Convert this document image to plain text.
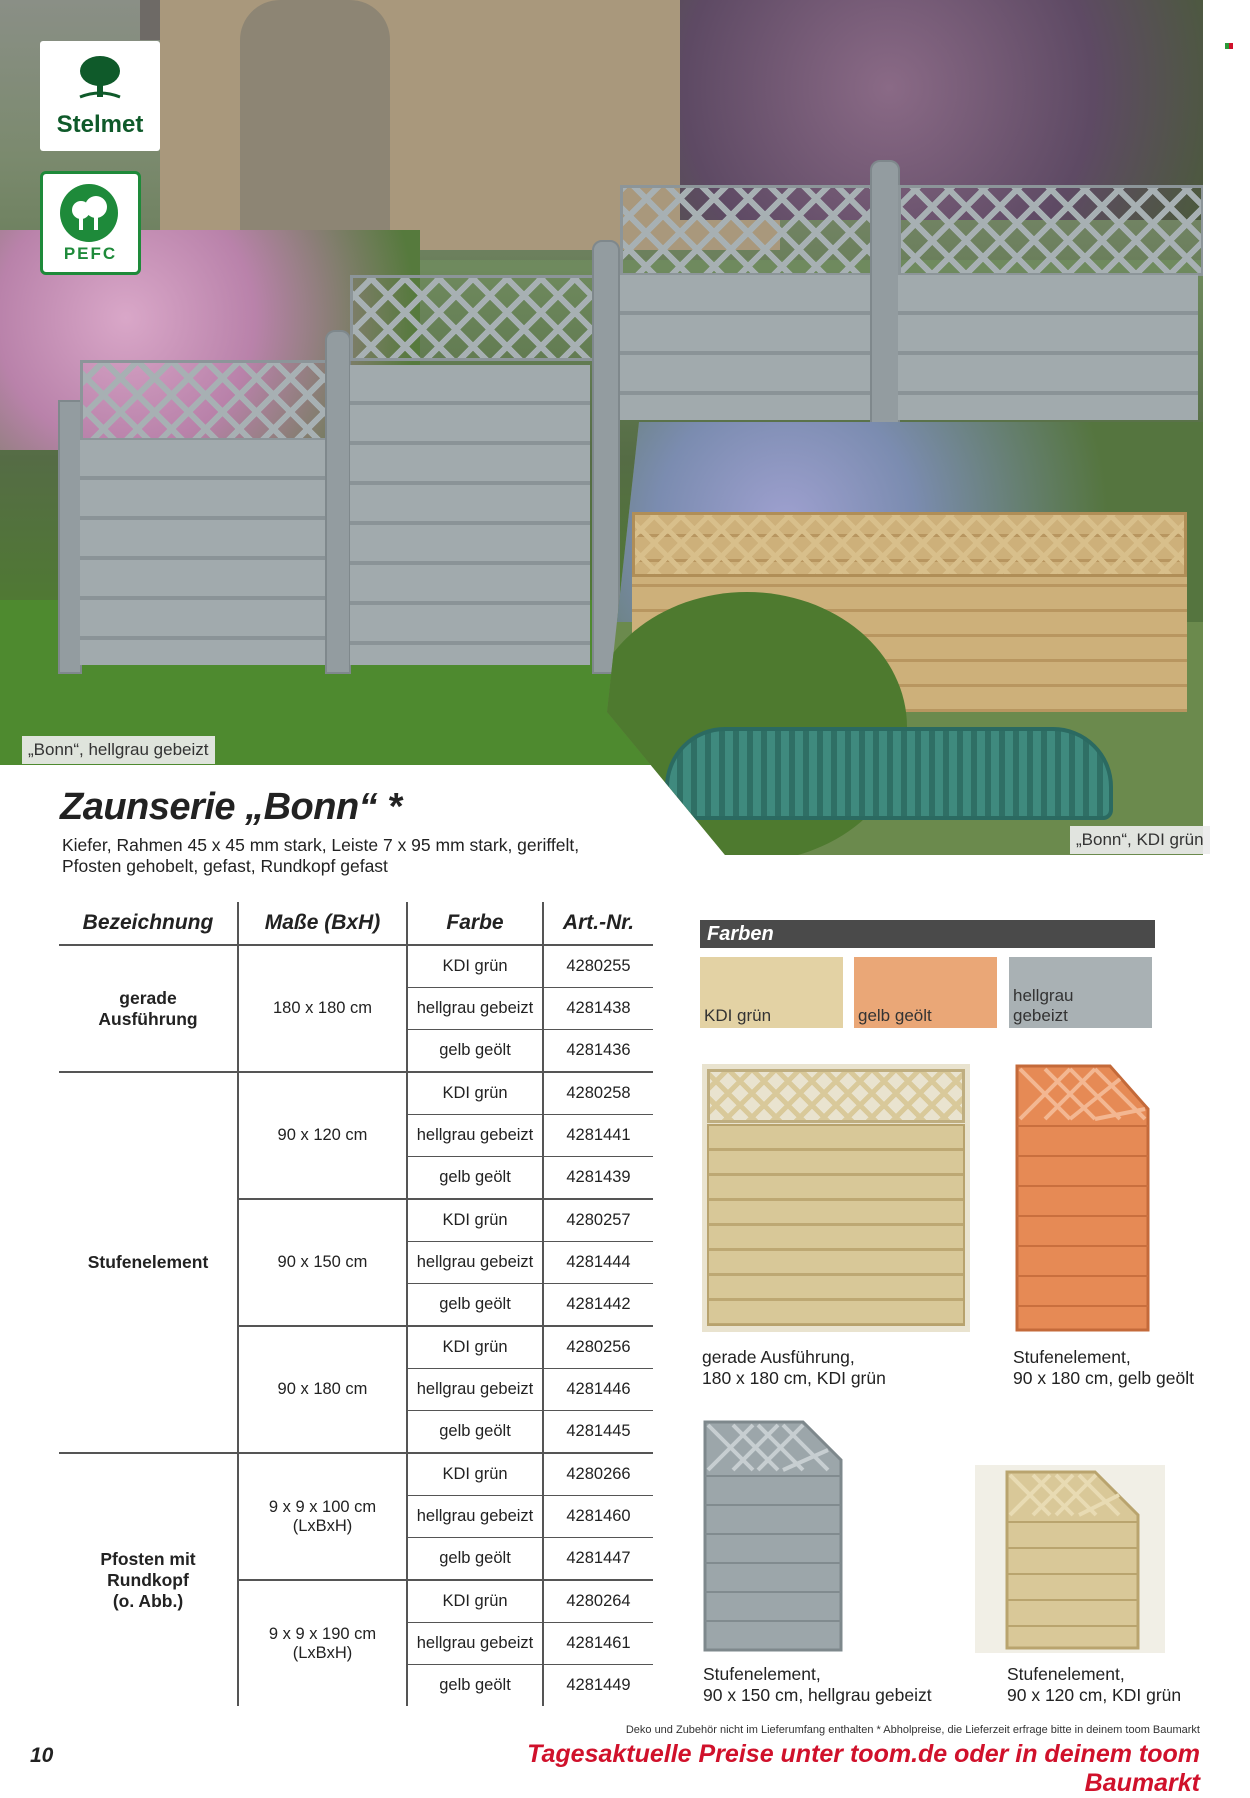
Stelmet
PEFC
„Bonn“, hellgrau gebeizt
„Bonn“, KDI grün
Zaunserie „Bonn“ *
Kiefer, Rahmen 45 x 45 mm stark, Leiste 7 x 95 mm stark, geriffelt,
Pfosten gehobelt, gefast, Rundkopf gefast
Bezeichnung	Maße (BxH)	Farbe	Art.-Nr.
gerade
Ausführung	180 x 180 cm	KDI grün	4280255
		hellgrau gebeizt	4281438
		gelb geölt	4281436
Stufenelement	90 x 120 cm	KDI grün	4280258
		hellgrau gebeizt	4281441
		gelb geölt	4281439
	90 x 150 cm	KDI grün	4280257
		hellgrau gebeizt	4281444
		gelb geölt	4281442
	90 x 180 cm	KDI grün	4280256
		hellgrau gebeizt	4281446
		gelb geölt	4281445
Pfosten mit
Rundkopf
(o. Abb.)	9 x 9 x 100 cm (LxBxH)	KDI grün	4280266
		hellgrau gebeizt	4281460
		gelb geölt	4281447
	9 x 9 x 190 cm (LxBxH)	KDI grün	4280264
		hellgrau gebeizt	4281461
		gelb geölt	4281449
Farben
KDI grün	gelb geölt
hellgrau gebeizt
gerade Ausführung,
180 x 180 cm, KDI grün
Stufenelement,
90 x 180 cm, gelb geölt
Stufenelement,
90 x 150 cm, hellgrau gebeizt
Stufenelement,
90 x 120 cm, KDI grün
Deko und Zubehör nicht im Lieferumfang enthalten * Abholpreise, die Lieferzeit erfrage bitte in deinem toom Baumarkt
10	Tagesaktuelle Preise unter toom.de oder in deinem toom Baumarkt
